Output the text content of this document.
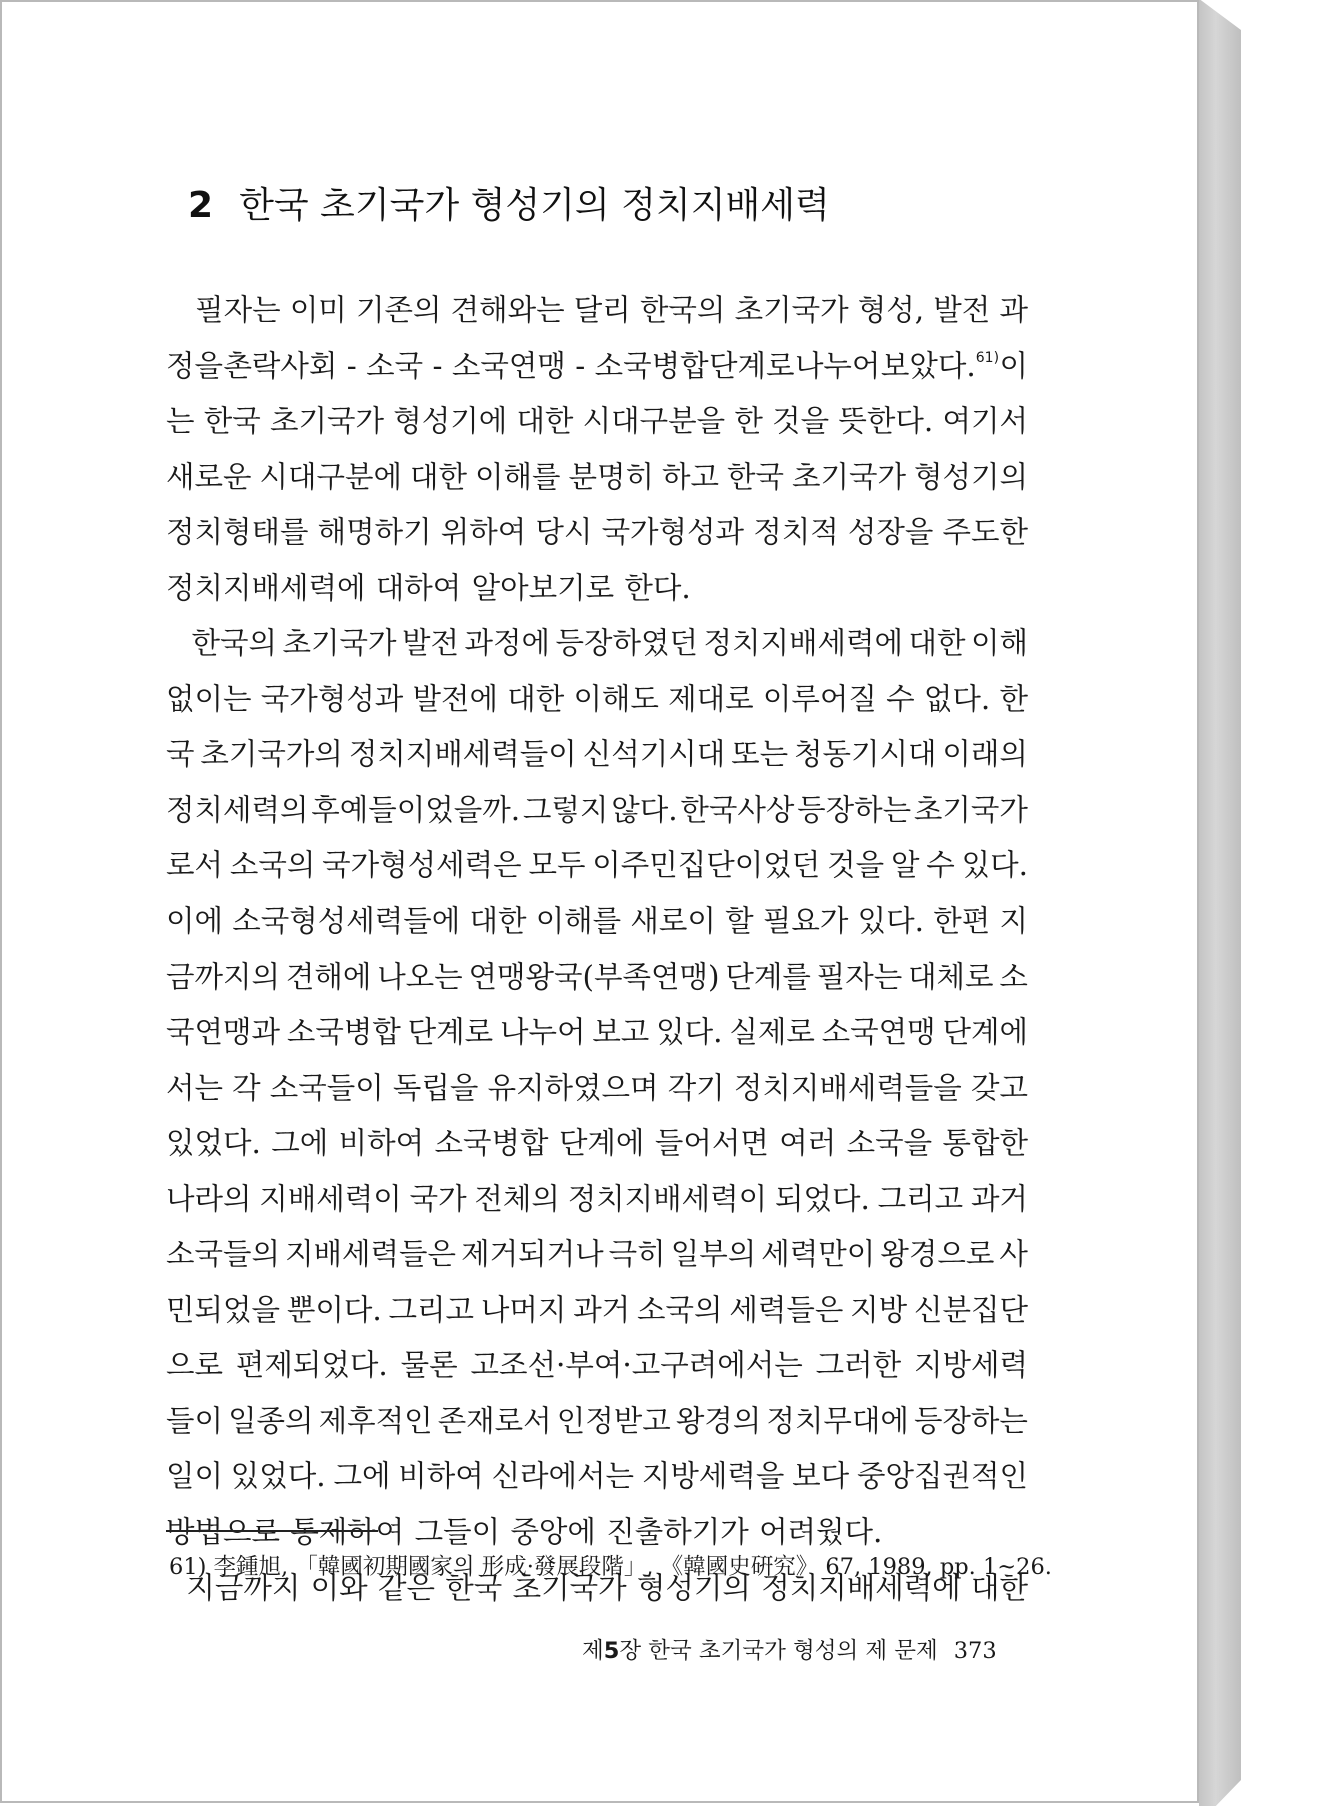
2 한국 초기국가 형성기의 정치지배세력
필자는 이미 기존의 견해와는 달리 한국의 초기국가 형성, 발전 과
정을 촌락사회 - 소국 - 소국연맹 - 소국병합 단계로 나누어 보았다.$^{61)}$ 이
는 한국 초기국가 형성기에 대한 시대구분을 한 것을 뜻한다. 여기서
새로운 시대구분에 대한 이해를 분명히 하고 한국 초기국가 형성기의
정치형태를 해명하기 위하여 당시 국가형성과 정치적 성장을 주도한
정치지배세력에 대하여 알아보기로 한다.
한국의 초기국가 발전 과정에 등장하였던 정치지배세력에 대한 이해
없이는 국가형성과 발전에 대한 이해도 제대로 이루어질 수 없다. 한
국 초기국가의 정치지배세력들이 신석기시대 또는 청동기시대 이래의
정치세력의 후예들이었을까. 그렇지 않다. 한국사상 등장하는 초기국가
로서 소국의 국가형성세력은 모두 이주민집단이었던 것을 알 수 있다.
이에 소국형성세력들에 대한 이해를 새로이 할 필요가 있다. 한편 지
금까지의 견해에 나오는 연맹왕국(부족연맹) 단계를 필자는 대체로 소
국연맹과 소국병합 단계로 나누어 보고 있다. 실제로 소국연맹 단계에
서는 각 소국들이 독립을 유지하였으며 각기 정치지배세력들을 갖고
있었다. 그에 비하여 소국병합 단계에 들어서면 여러 소국을 통합한
나라의 지배세력이 국가 전체의 정치지배세력이 되었다. 그리고 과거
소국들의 지배세력들은 제거되거나 극히 일부의 세력만이 왕경으로 사
민되었을 뿐이다. 그리고 나머지 과거 소국의 세력들은 지방 신분집단
으로 편제되었다. 물론 고조선·부여·고구려에서는 그러한 지방세력
들이 일종의 제후적인 존재로서 인정받고 왕경의 정치무대에 등장하는
일이 있었다. 그에 비하여 신라에서는 지방세력을 보다 중앙집권적인
방법으로 통제하여 그들이 중앙에 진출하기가 어려웠다.
지금까지 이와 같은 한국 초기국가 형성기의 정치지배세력에 대한
61) 李鍾旭, 「韓國初期國家의 形成·發展段階」, 《韓國史硏究》 67, 1989, pp. 1~26.
제5장 한국 초기국가 형성의 제 문제 373
